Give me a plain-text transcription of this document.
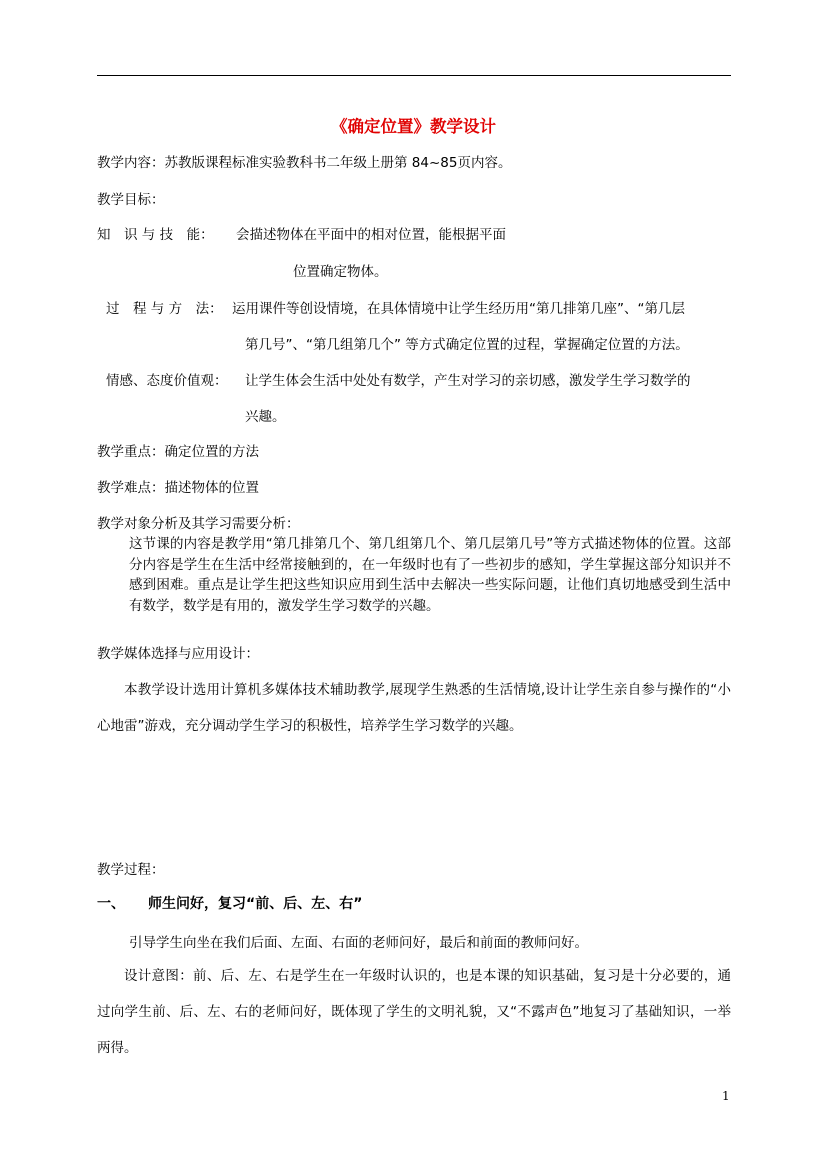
《确定位置》教学设计
教学内容：苏教版课程标准实验教科书二年级上册第 84~85页内容。
教学目标：
知　识 与 技　能： 会描述物体在平面中的相对位置，能根据平面
位置确定物体。
过　程 与 方　法： 运用课件等创设情境，在具体情境中让学生经历用“第几排第几座”、“第几层
第几号”、“第几组第几个” 等方式确定位置的过程，掌握确定位置的方法。
情感、态度价值观： 让学生体会生活中处处有数学，产生对学习的亲切感，激发学生学习数学的
兴趣。
教学重点：确定位置的方法
教学难点：描述物体的位置
教学对象分析及其学习需要分析：
这节课的内容是教学用“第几排第几个、第几组第几个、第几层第几号”等方式描述物体的位置。这部分内容是学生在生活中经常接触到的，在一年级时也有了一些初步的感知，学生掌握这部分知识并不感到困难。重点是让学生把这些知识应用到生活中去解决一些实际问题，让他们真切地感受到生活中有数学，数学是有用的，激发学生学习数学的兴趣。
教学媒体选择与应用设计：
本教学设计选用计算机多媒体技术辅助教学,展现学生熟悉的生活情境,设计让学生亲自参与操作的“小心地雷”游戏，充分调动学生学习的积极性，培养学生学习数学的兴趣。
教学过程：
一、 师生问好，复习“前、后、左、右”
引导学生向坐在我们后面、左面、右面的老师问好，最后和前面的教师问好。
设计意图：前、后、左、右是学生在一年级时认识的，也是本课的知识基础，复习是十分必要的，通过向学生前、后、左、右的老师问好，既体现了学生的文明礼貌，又“不露声色”地复习了基础知识，一举两得。
1
